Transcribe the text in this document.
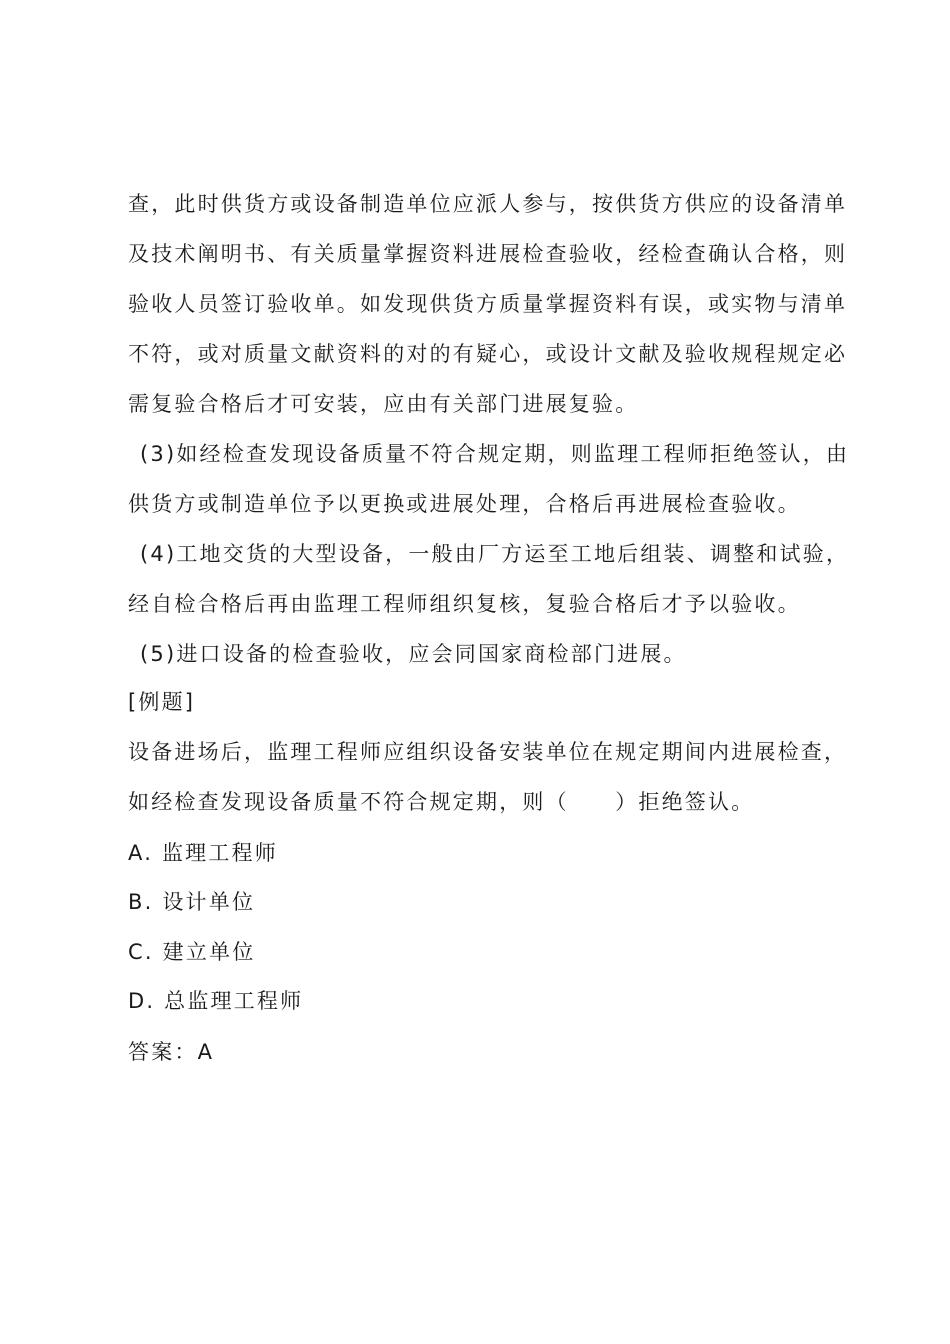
查，此时供货方或设备制造单位应派人参与，按供货方供应的设备清单
及技术阐明书、有关质量掌握资料进展检查验收，经检查确认合格，则
验收人员签订验收单。如发现供货方质量掌握资料有误，或实物与清单
不符，或对质量文献资料的对的有疑心，或设计文献及验收规程规定必
需复验合格后才可安装，应由有关部门进展复验。
(3)如经检查发现设备质量不符合规定期，则监理工程师拒绝签认，由
供货方或制造单位予以更换或进展处理，合格后再进展检查验收。
(4)工地交货的大型设备，一般由厂方运至工地后组装、调整和试验，
经自检合格后再由监理工程师组织复核，复验合格后才予以验收。
(5)进口设备的检查验收，应会同国家商检部门进展。
[例题]
设备进场后，监理工程师应组织设备安装单位在规定期间内进展检查，
如经检查发现设备质量不符合规定期，则（　　）拒绝签认。
A. 监理工程师
B. 设计单位
C. 建立单位
D. 总监理工程师
答案：A
